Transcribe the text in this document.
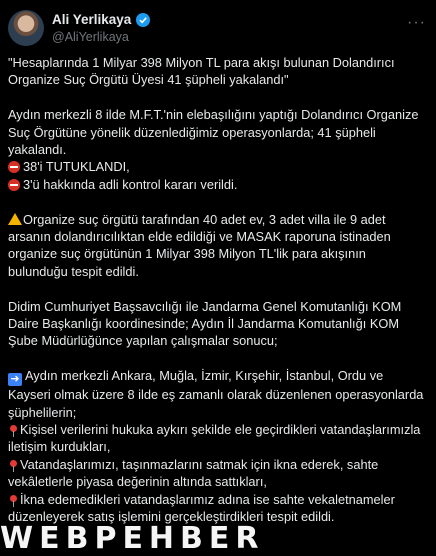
Ali Yerlikaya
@AliYerlikaya
···

"Hesaplarında 1 Milyar 398 Milyon TL para akışı bulunan Dolandırıcı Organize Suç Örgütü Üyesi 41 şüpheli yakalandı"

Aydın merkezli 8 ilde M.F.T.'nin elebaşılığını yaptığı Dolandırıcı Organize Suç Örgütüne yönelik düzenlediğimiz operasyonlarda; 41 şüpheli yakalandı.

38'i TUTUKLANDI,

3'ü hakkında adli kontrol kararı verildi.

Organize suç örgütü tarafından 40 adet ev, 3 adet villa ile 9 adet arsanın dolandırıcılıktan elde edildiği ve MASAK raporuna istinaden organize suç örgütünün 1 Milyar 398 Milyon TL'lik para akışının bulunduğu tespit edildi.

Didim Cumhuriyet Başsavcılığı ile Jandarma Genel Komutanlığı KOM Daire Başkanlığı koordinesinde; Aydın İl Jandarma Komutanlığı KOM Şube Müdürlüğünce yapılan çalışmalar sonucu;

➜ Aydın merkezli Ankara, Muğla, İzmir, Kırşehir, İstanbul, Ordu ve Kayseri olmak üzere 8 ilde eş zamanlı olarak düzenlenen operasyonlarda şüphelilerin;

Kişisel verilerini hukuka aykırı şekilde ele geçirdikleri vatandaşlarımızla iletişim kurdukları,

Vatandaşlarımızı, taşınmazlarını satmak için ikna ederek, sahte vekâletlerle piyasa değerinin altında sattıkları,

İkna edemedikleri vatandaşlarımız adına ise sahte vekaletnameler düzenleyerek satış işlemini gerçekleştirdikleri tespit edildi.

WEBPEHBER
